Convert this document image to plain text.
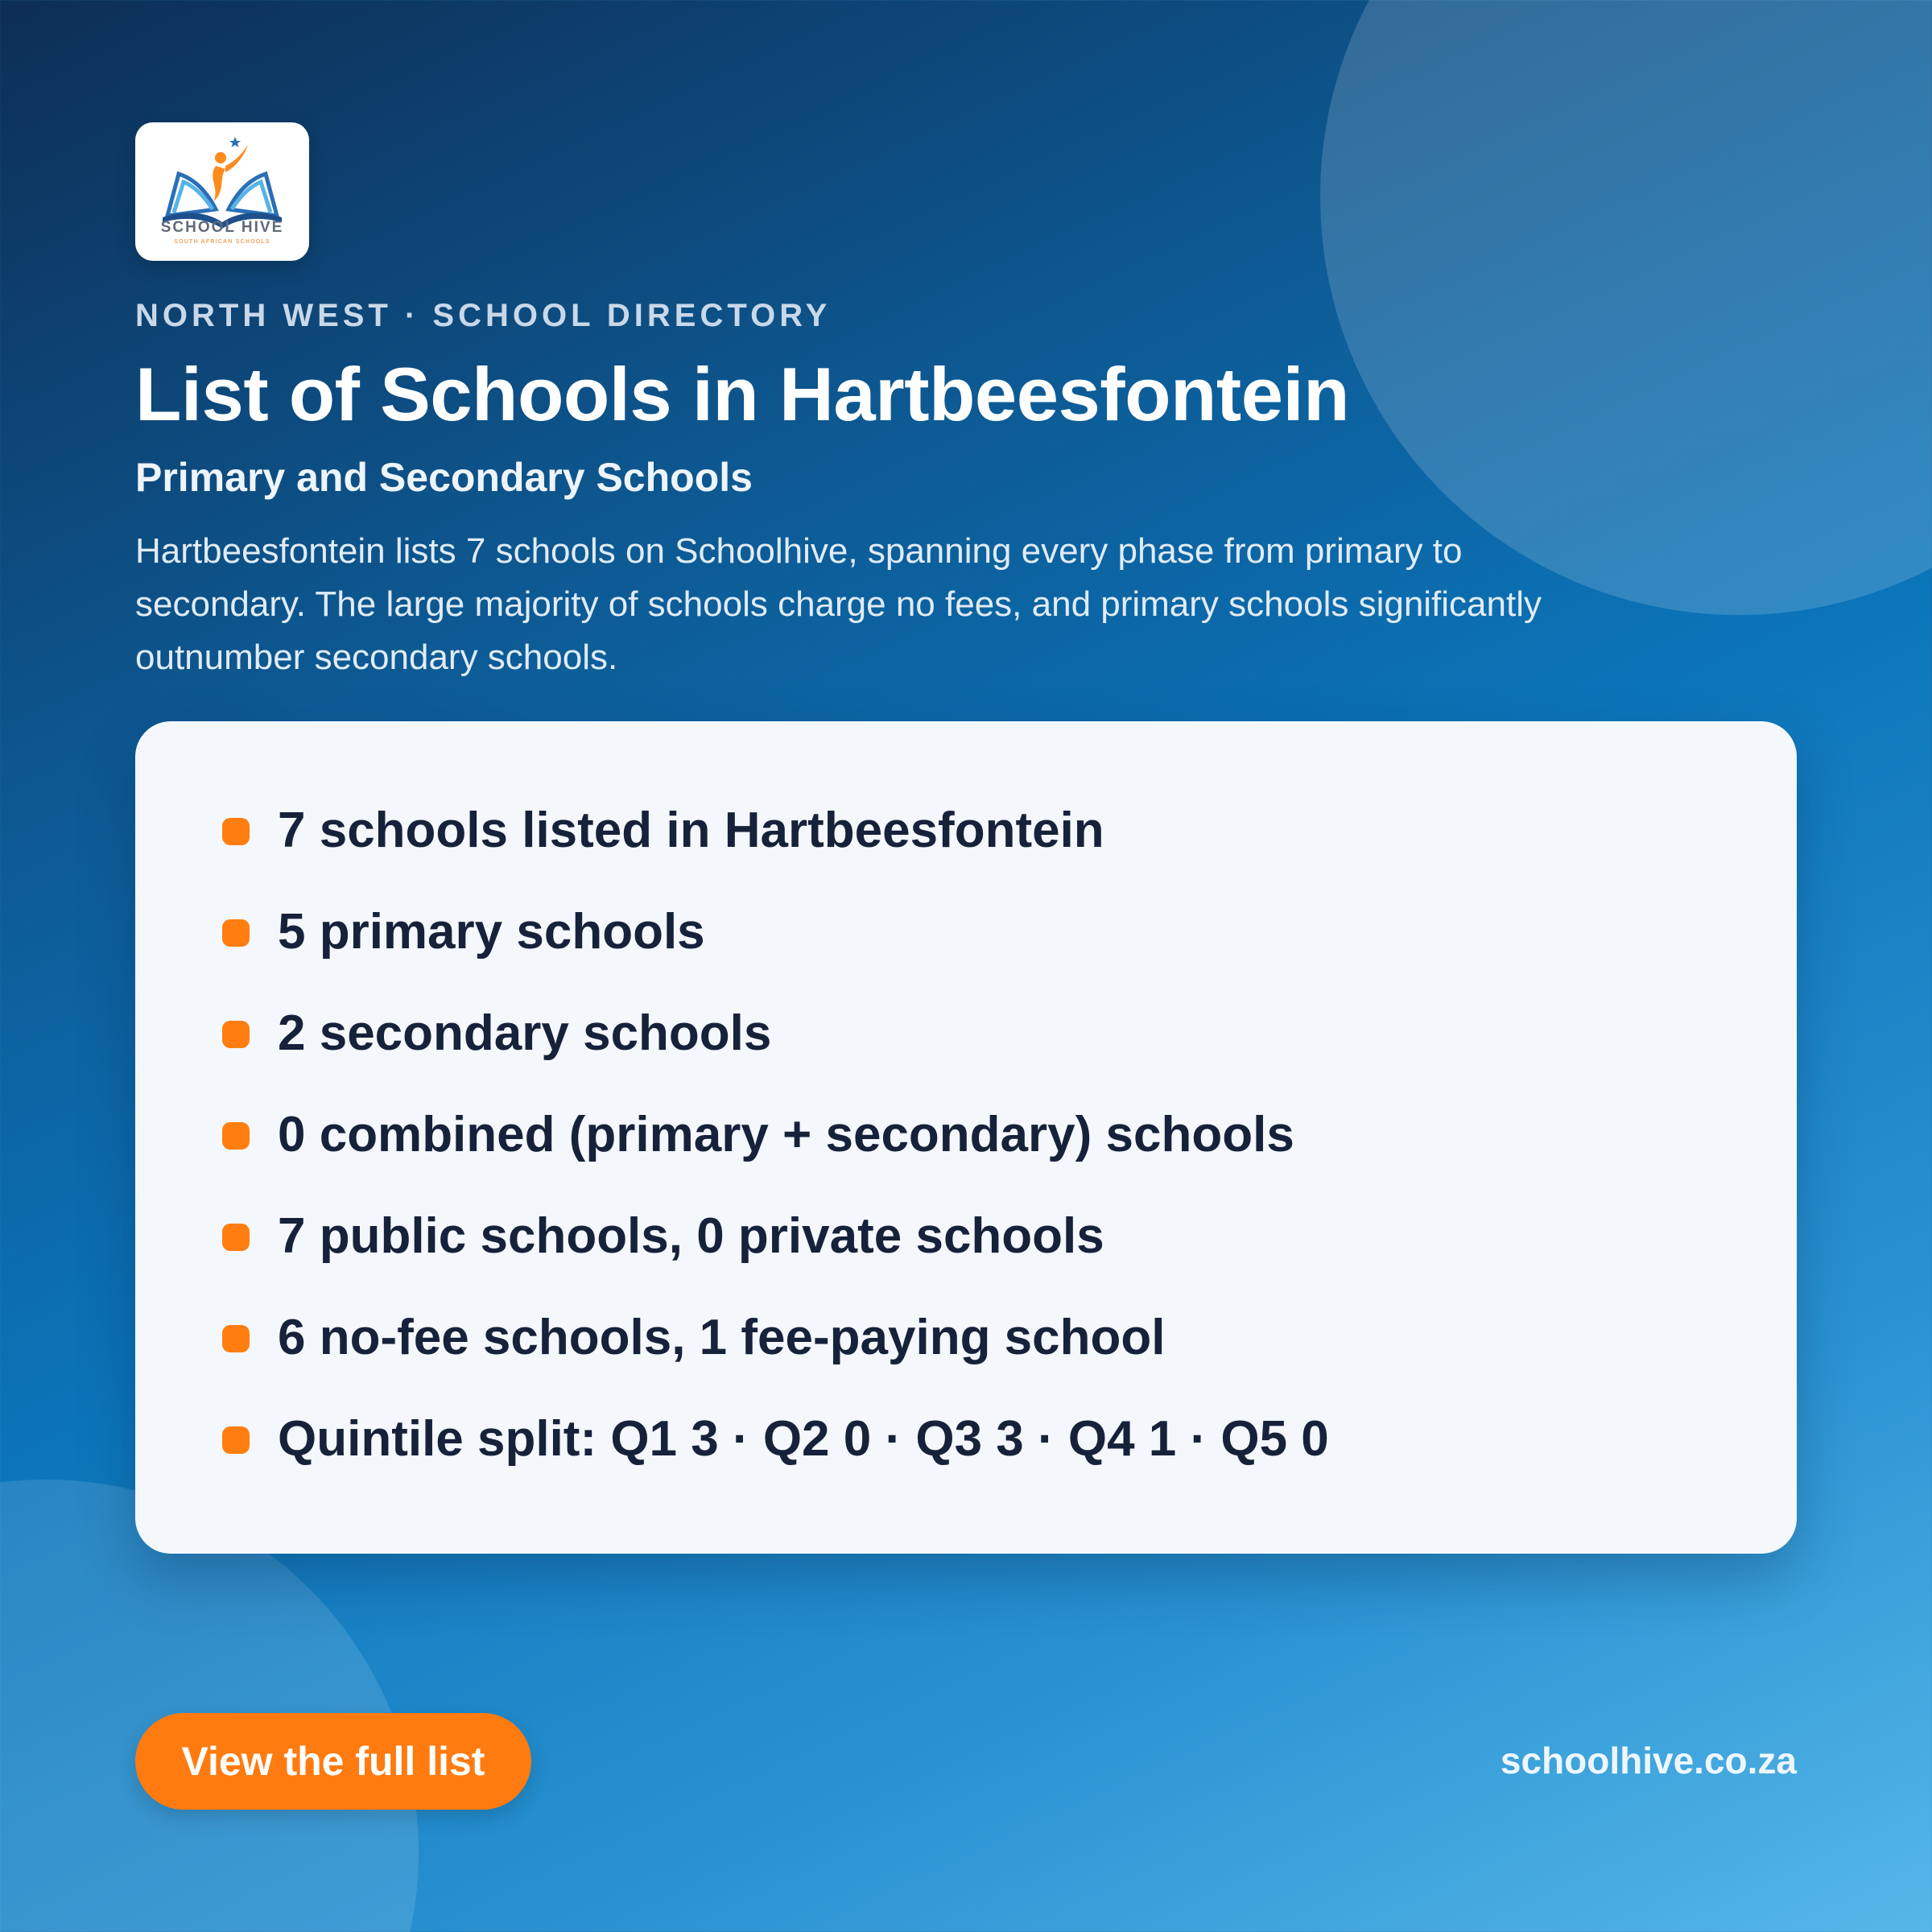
SCHOOL HIVE
SOUTH AFRICAN SCHOOLS
NORTH WEST · SCHOOL DIRECTORY
List of Schools in Hartbeesfontein
Primary and Secondary Schools

Hartbeesfontein lists 7 schools on Schoolhive, spanning every phase from primary to secondary. The large majority of schools charge no fees, and primary schools significantly outnumber secondary schools.

7 schools listed in Hartbeesfontein
5 primary schools
2 secondary schools
0 combined (primary + secondary) schools
7 public schools, 0 private schools
6 no-fee schools, 1 fee-paying school
Quintile split: Q1 3 · Q2 0 · Q3 3 · Q4 1 · Q5 0
View the full list	schoolhive.co.za
